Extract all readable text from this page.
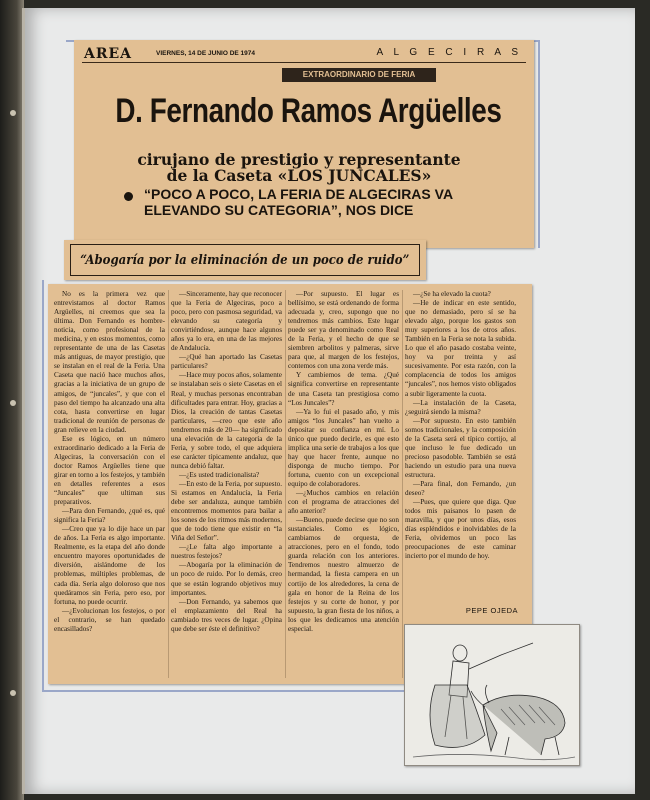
AREA	VIERNES, 14 DE JUNIO DE 1974	A L G E C I R A S
EXTRAORDINARIO DE FERIA
D. Fernando Ramos Argüelles
cirujano de prestigio y representante
de la Caseta «LOS JUNCALES»
“POCO A POCO, LA FERIA DE ALGECIRAS VA
ELEVANDO SU CATEGORIA”, NOS DICE
“Abogaría por la eliminación de un poco de ruido”

No es la primera vez que entrevistamos al doctor Ramos Argüelles, ni creemos que sea la última. Don Fernando es hombre-noticia, como profesional de la medicina, y en estos momentos, como representante de una de las Casetas más antiguas, de mayor prestigio, que se instalan en el real de la Feria. Una Caseta que nació hace muchos años, gracias a la iniciativa de un grupo de amigos, de “juncales”, y que con el paso del tiempo ha alcanzado una alta cota, hasta convertirse en lugar tradicional de reunión de personas de gran relieve en la ciudad.

Ese es lógico, en un número extraordinario dedicado a la Feria de Algeciras, la conversación con el doctor Ramos Argüelles tiene que girar en torno a los festejos, y también en detalles referentes a esos “Juncales” que ultiman sus preparativos.

—Para don Fernando, ¿qué es, qué significa la Feria?

—Creo que ya lo dije hace un par de años. La Feria es algo importante. Realmente, es la etapa del año donde encuentro mayores oportunidades de diversión, aislándome de los problemas, múltiples problemas, de cada día. Sería algo doloroso que nos quedáramos sin Feria, pero eso, por fortuna, no puede ocurrir.

—¿Evolucionan los festejos, o por el contrario, se han quedado encasillados?

—Sinceramente, hay que reconocer que la Feria de Algeciras, poco a poco, pero con pasmosa seguridad, va elevando su categoría y convirtiéndose, aunque hace algunos años ya lo era, en una de las mejores de Andalucía.

—¿Qué han aportado las Casetas particulares?

—Hace muy pocos años, solamente se instalaban seis o siete Casetas en el Real, y muchas personas encontraban dificultades para entrar. Hoy, gracias a Dios, la creación de tantas Casetas particulares, —creo que este año tendremos más de 20— ha significado una elevación de la categoría de la Feria, y sobre todo, el que adquiera ese carácter típicamente andaluz, que nunca debió faltar.

—¿Es usted tradicionalista?

—En esto de la Feria, por supuesto. Si estamos en Andalucía, la Feria debe ser andaluza, aunque también encontremos momentos para bailar a los sones de los ritmos más modernos, que de todo tiene que existir en “la Viña del Señor”.

—¿Le falta algo importante a nuestros festejos?

—Abogaría por la eliminación de un poco de ruido. Por lo demás, creo que se están logrando objetivos muy importantes.

—Don Fernando, ya sabemos que el emplazamiento del Real ha cambiado tres veces de lugar. ¿Opina que debe ser éste el definitivo?

—Por supuesto. El lugar es bellísimo, se está ordenando de forma adecuada y, creo, supongo que no tendremos más cambios. Este lugar puede ser ya denominado como Real de la Feria, y el hecho de que se siembren arbolitos y palmeras, sirve para que, al margen de los festejos, contemos con una zona verde más.

Y cambiemos de tema. ¿Qué significa convertirse en representante de una Caseta tan prestigiosa como “Los Juncales”?

—Ya lo fui el pasado año, y mis amigos “los Juncales” han vuelto a depositar su confianza en mí. Lo único que puedo decirle, es que esto implica una serie de trabajos a los que hay que hacer frente, aunque no disponga de mucho tiempo. Por fortuna, cuento con un excepcional equipo de colaboradores.

—¿Muchos cambios en relación con el programa de atracciones del año anterior?

—Bueno, puede decirse que no son sustanciales. Como es lógico, cambiamos de orquesta, de atracciones, pero en el fondo, todo guarda relación con los anteriores. Tendremos nuestro almuerzo de hermandad, la fiesta campera en un cortijo de los alrededores, la cena de gala en honor de la Reina de los festejos y su corte de honor, y por supuesto, la gran fiesta de los niños, a los que les dedicamos una atención especial.

—¿Se ha elevado la cuota?

—He de indicar en este sentido, que no demasiado, pero sí se ha elevado algo, porque los gastos son muy superiores a los de otros años. También en la Feria se nota la subida. Lo que el año pasado costaba veinte, hoy va por treinta y así sucesivamente. Por esta razón, con la complacencia de todos los amigos “juncales”, nos hemos visto obligados a subir ligeramente la cuota.

—La instalación de la Caseta, ¿seguirá siendo la misma?

—Por supuesto. En esto también somos tradicionales, y la composición de la Caseta será el típico cortijo, al que incluso le fue dedicado un precioso pasodoble. También se está haciendo un estudio para una nueva estructura.

—Para final, don Fernando, ¿un deseo?

—Pues, que quiere que diga. Que todos mis paisanos lo pasen de maravilla, y que por unos días, esos días espléndidos e inolvidables de la Feria, olvidemos un poco las preocupaciones de este caminar incierto por el mundo de hoy.

PEPE OJEDA
